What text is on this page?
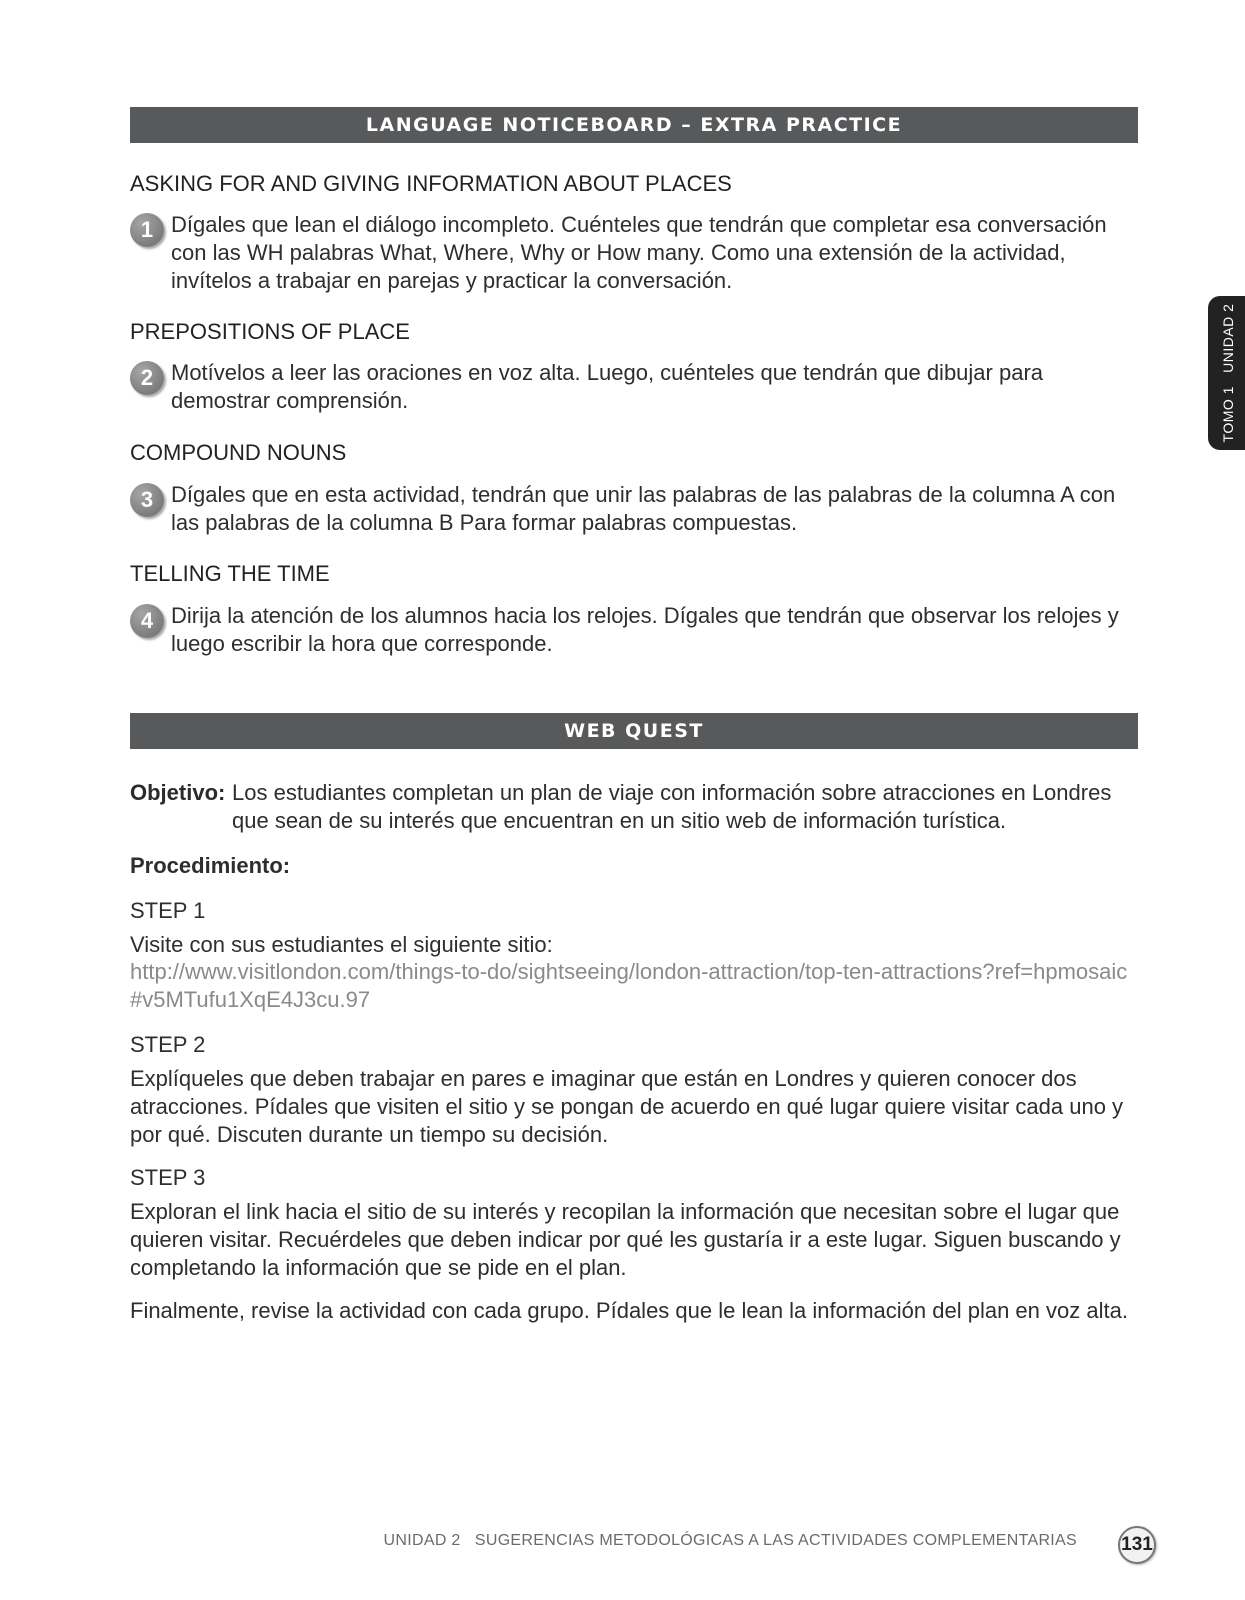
LANGUAGE NOTICEBOARD – EXTRA PRACTICE
ASKING FOR AND GIVING INFORMATION ABOUT PLACES
1 Dígales que lean el diálogo incompleto. Cuénteles que tendrán que completar esa conversación con las WH palabras What, Where, Why or How many. Como una extensión de la actividad, invítelos a trabajar en parejas y practicar la conversación.
PREPOSITIONS OF PLACE
2 Motívelos a leer las oraciones en voz alta. Luego, cuénteles que tendrán que dibujar para demostrar comprensión.
COMPOUND NOUNS
3 Dígales que en esta actividad, tendrán que unir las palabras de las palabras de la columna A con las palabras de la columna B Para formar palabras compuestas.
TELLING THE TIME
4 Dirija la atención de los alumnos hacia los relojes. Dígales que tendrán que observar los relojes y luego escribir la hora que corresponde.
WEB QUEST
Objetivo: Los estudiantes completan un plan de viaje con información sobre atracciones en Londres que sean de su interés que encuentran en un sitio web de información turística.
Procedimiento:
STEP 1
Visite con sus estudiantes el siguiente sitio:
http://www.visitlondon.com/things-to-do/sightseeing/london-attraction/top-ten-attractions?ref=hpmosaic#v5MTufu1XqE4J3cu.97
STEP 2
Explíqueles que deben trabajar en pares e imaginar que están en Londres y quieren conocer dos atracciones. Pídales que visiten el sitio y se pongan de acuerdo en qué lugar quiere visitar cada uno y por qué. Discuten durante un tiempo su decisión.
STEP 3
Exploran el link hacia el sitio de su interés y recopilan la información que necesitan sobre el lugar que quieren visitar. Recuérdeles que deben indicar por qué les gustaría ir a este lugar. Siguen buscando y completando la información que se pide en el plan.
Finalmente, revise la actividad con cada grupo. Pídales que le lean la información del plan en voz alta.
TOMO 1   UNIDAD 2
UNIDAD 2   SUGERENCIAS METODOLÓGICAS A LAS ACTIVIDADES COMPLEMENTARIAS 131
